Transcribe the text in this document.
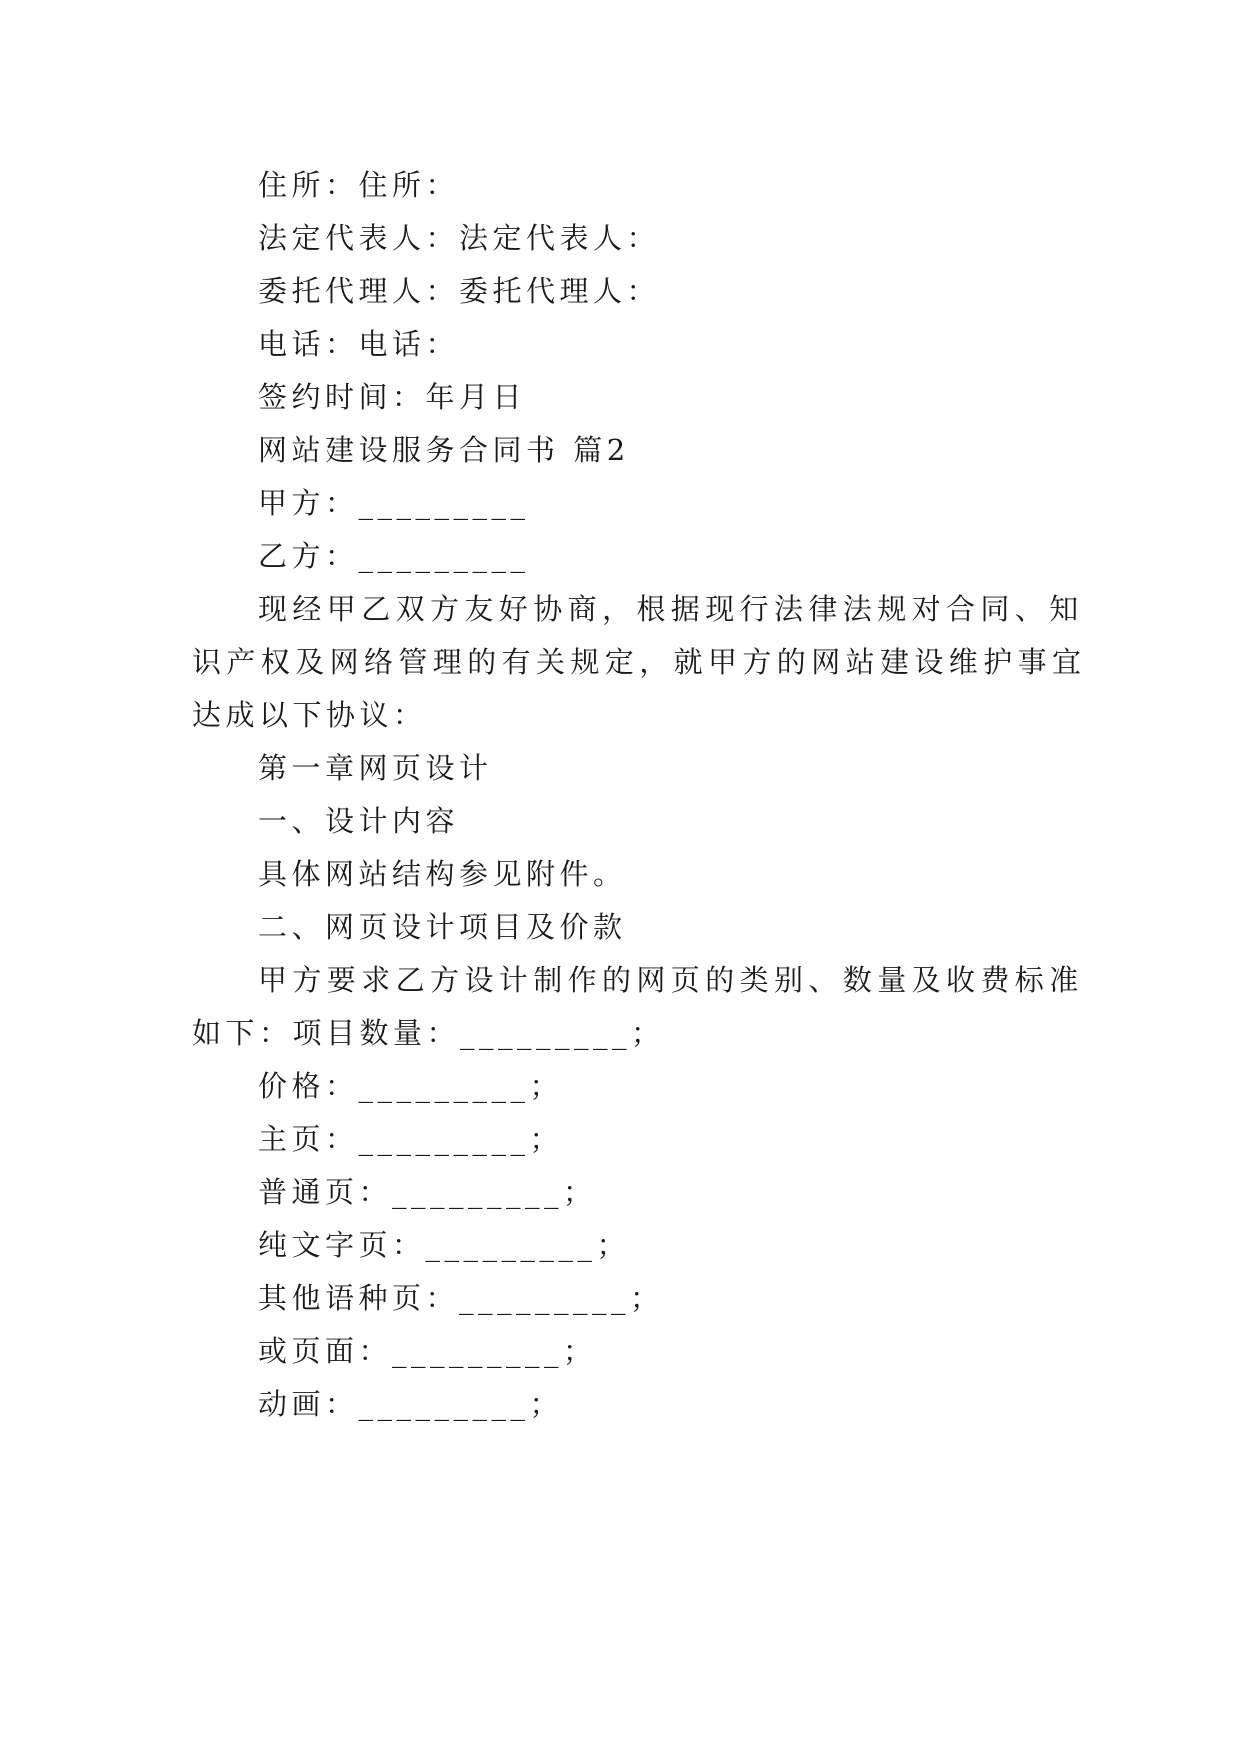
住所：住所：
法定代表人：法定代表人：
委托代理人：委托代理人：
电话：电话：
签约时间：年月日
网站建设服务合同书 篇2
甲方：_________
乙方：_________
现经甲乙双方友好协商，根据现行法律法规对合同、知
识产权及网络管理的有关规定，就甲方的网站建设维护事宜
达成以下协议：
第一章网页设计
一、设计内容
具体网站结构参见附件。
二、网页设计项目及价款
甲方要求乙方设计制作的网页的类别、数量及收费标准
如下：项目数量：_________；
价格：_________；
主页：_________；
普通页：_________；
纯文字页：_________；
其他语种页：_________；
或页面：_________；
动画：_________；
